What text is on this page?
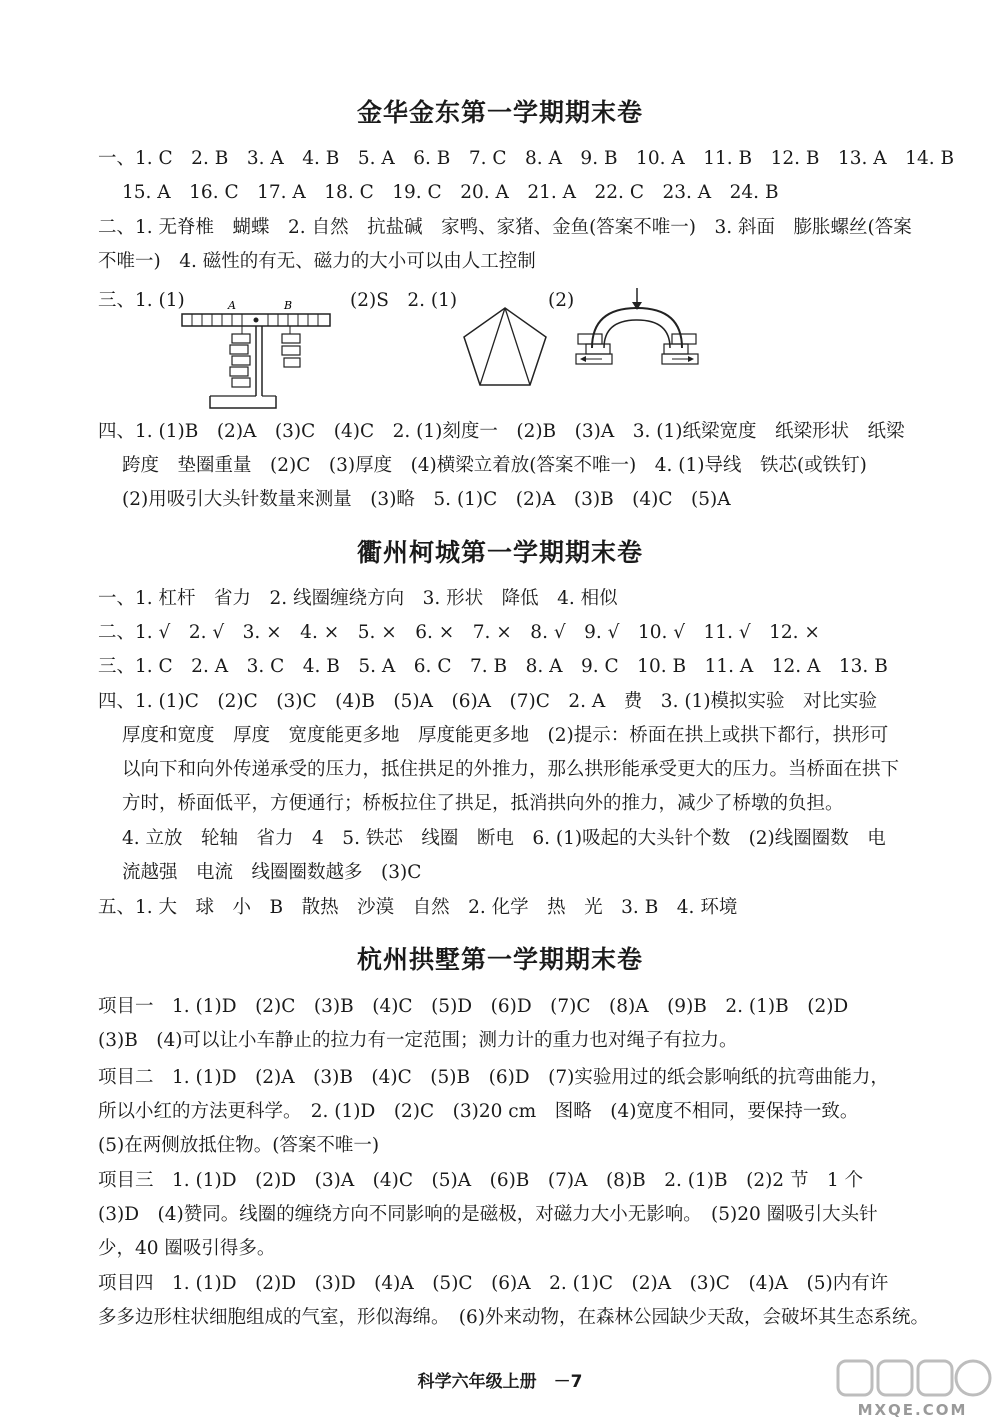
金华金东第一学期期末卷
一、1. C　2. B　3. A　4. B　5. A　6. B　7. C　8. A　9. B　10. A　11. B　12. B　13. A　14. B
15. A　16. C　17. A　18. C　19. C　20. A　21. A　22. C　23. A　24. B
二、1. 无脊椎　蝴蝶　2. 自然　抗盐碱　家鸭、家猪、金鱼(答案不唯一)　3. 斜面　膨胀螺丝(答案
不唯一)　4. 磁性的有无、磁力的大小可以由人工控制
三、1. (1)	A	B	(2)S　2. (1)	(2)
四、1. (1)B　(2)A　(3)C　(4)C　2. (1)刻度一　(2)B　(3)A　3. (1)纸梁宽度　纸梁形状　纸梁
跨度　垫圈重量　(2)C　(3)厚度　(4)横梁立着放(答案不唯一)　4. (1)导线　铁芯(或铁钉)
(2)用吸引大头针数量来测量　(3)略　5. (1)C　(2)A　(3)B　(4)C　(5)A
衢州柯城第一学期期末卷
一、1. 杠杆　省力　2. 线圈缠绕方向　3. 形状　降低　4. 相似
二、1. √　2. √　3. ×　4. ×　5. ×　6. ×　7. ×　8. √　9. √　10. √　11. √　12. ×
三、1. C　2. A　3. C　4. B　5. A　6. C　7. B　8. A　9. C　10. B　11. A　12. A　13. B
四、1. (1)C　(2)C　(3)C　(4)B　(5)A　(6)A　(7)C　2. A　费　3. (1)模拟实验　对比实验
厚度和宽度　厚度　宽度能更多地　厚度能更多地　(2)提示：桥面在拱上或拱下都行，拱形可
以向下和向外传递承受的压力，抵住拱足的外推力，那么拱形能承受更大的压力。当桥面在拱下
方时，桥面低平，方便通行；桥板拉住了拱足，抵消拱向外的推力，减少了桥墩的负担。
4. 立放　轮轴　省力　4　5. 铁芯　线圈　断电　6. (1)吸起的大头针个数　(2)线圈圈数　电
流越强　电流　线圈圈数越多　(3)C
五、1. 大　球　小　B　散热　沙漠　自然　2. 化学　热　光　3. B　4. 环境
杭州拱墅第一学期期末卷
项目一　1. (1)D　(2)C　(3)B　(4)C　(5)D　(6)D　(7)C　(8)A　(9)B　2. (1)B　(2)D
(3)B　(4)可以让小车静止的拉力有一定范围；测力计的重力也对绳子有拉力。
项目二　1. (1)D　(2)A　(3)B　(4)C　(5)B　(6)D　(7)实验用过的纸会影响纸的抗弯曲能力，
所以小红的方法更科学。　2. (1)D　(2)C　(3)20 cm　图略　(4)宽度不相同，要保持一致。
(5)在两侧放抵住物。(答案不唯一)
项目三　1. (1)D　(2)D　(3)A　(4)C　(5)A　(6)B　(7)A　(8)B　2. (1)B　(2)2 节　1 个
(3)D　(4)赞同。线圈的缠绕方向不同影响的是磁极，对磁力大小无影响。　(5)20 圈吸引大头针
少，40 圈吸引得多。
项目四　1. (1)D　(2)D　(3)D　(4)A　(5)C　(6)A　2. (1)C　(2)A　(3)C　(4)A　(5)内有许
多多边形柱状细胞组成的气室，形似海绵。　(6)外来动物，在森林公园缺少天敌，会破坏其生态系统。
科学六年级上册　－7
MXQE.COM
